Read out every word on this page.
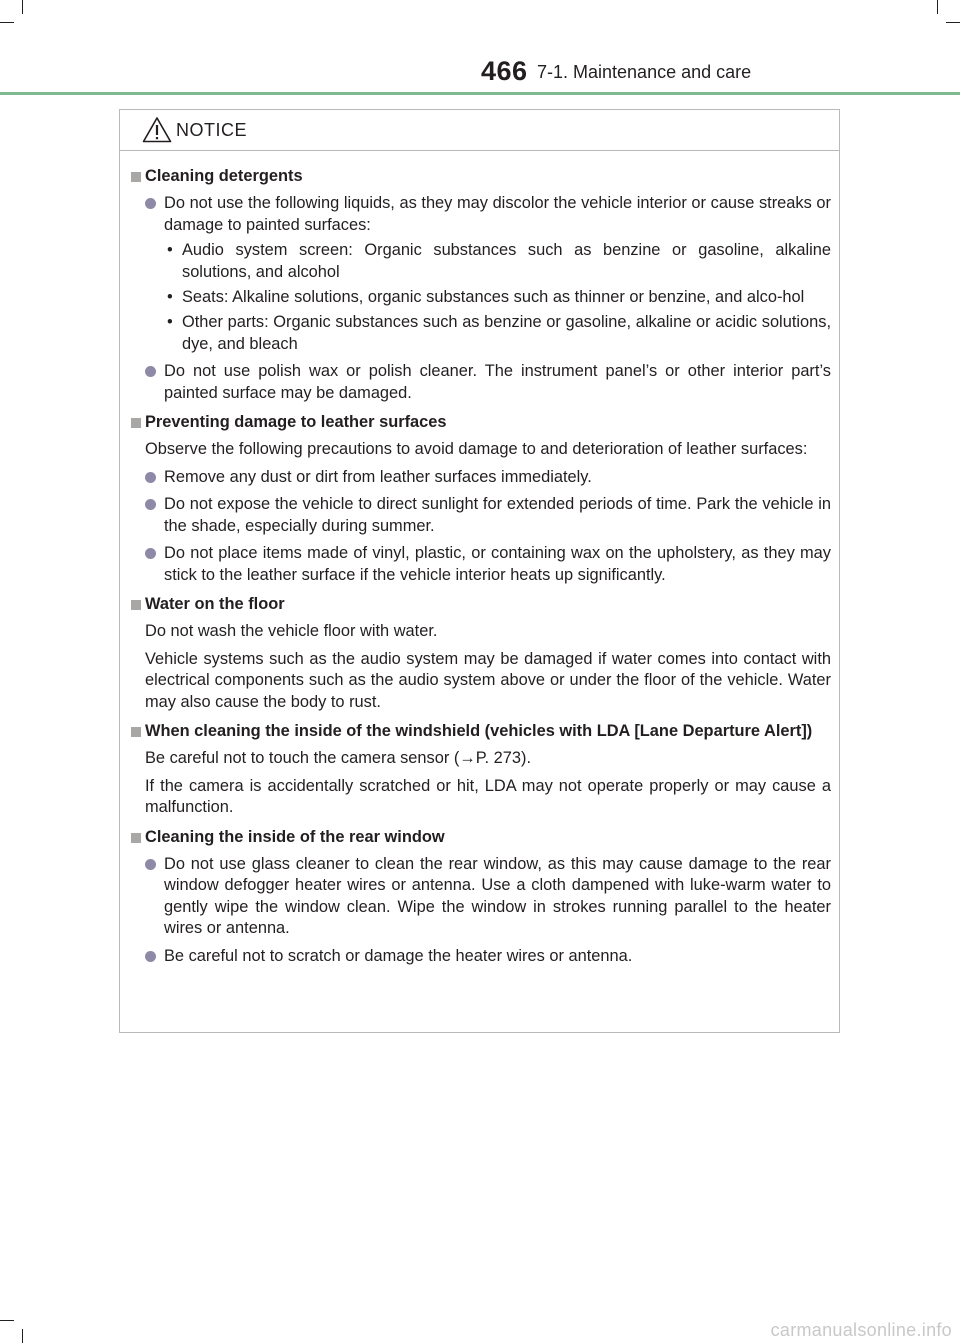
466 7-1. Maintenance and care
NOTICE
Cleaning detergents
Do not use the following liquids, as they may discolor the vehicle interior or cause streaks or damage to painted surfaces:
• Audio system screen: Organic substances such as benzine or gasoline, alkaline solutions, and alcohol
• Seats: Alkaline solutions, organic substances such as thinner or benzine, and alco-hol
• Other parts: Organic substances such as benzine or gasoline, alkaline or acidic solutions, dye, and bleach
Do not use polish wax or polish cleaner. The instrument panel’s or other interior part’s painted surface may be damaged.
Preventing damage to leather surfaces
Observe the following precautions to avoid damage to and deterioration of leather surfaces:
Remove any dust or dirt from leather surfaces immediately.
Do not expose the vehicle to direct sunlight for extended periods of time. Park the vehicle in the shade, especially during summer.
Do not place items made of vinyl, plastic, or containing wax on the upholstery, as they may stick to the leather surface if the vehicle interior heats up significantly.
Water on the floor
Do not wash the vehicle floor with water.
Vehicle systems such as the audio system may be damaged if water comes into contact with electrical components such as the audio system above or under the floor of the vehicle. Water may also cause the body to rust.
When cleaning the inside of the windshield (vehicles with LDA [Lane Departure Alert])
Be careful not to touch the camera sensor (→P. 273).
If the camera is accidentally scratched or hit, LDA may not operate properly or may cause a malfunction.
Cleaning the inside of the rear window
Do not use glass cleaner to clean the rear window, as this may cause damage to the rear window defogger heater wires or antenna. Use a cloth dampened with luke-warm water to gently wipe the window clean. Wipe the window in strokes running parallel to the heater wires or antenna.
Be careful not to scratch or damage the heater wires or antenna.
carmanualsonline.info
